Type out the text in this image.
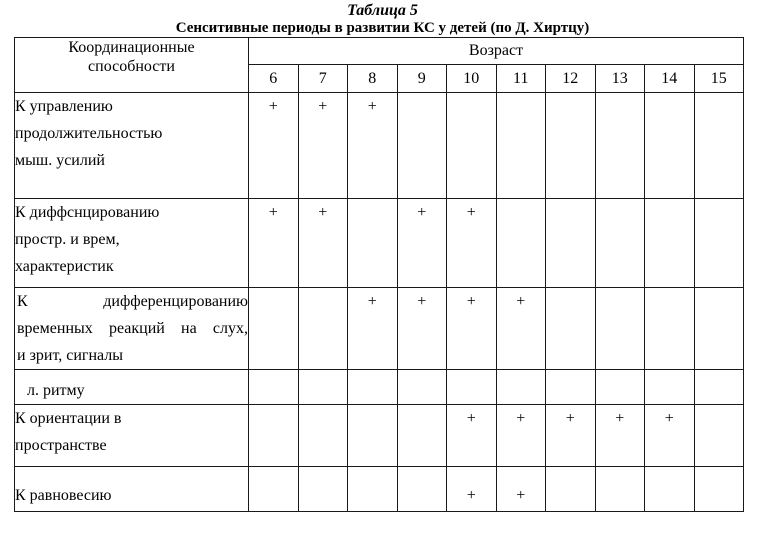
Таблица 5
Сенситивные периоды в развитии КС у детей (по Д. Хиртцу)
Координационные
способности	Возраст									
	6	7	8	9	10	11	12	13	14	15

К управлению
продолжительностью
мыш. усилий	+	+	+							

К диффснцированию
простр. и врем,
характеристик	+	+		+	+					

К дифференцированию
временных реакций на слух,
и зрит, сигналы			+	+	+	+				

л. ритму										

К ориентации в
пространстве					+	+	+	+	+	

К равновесию					+	+				
